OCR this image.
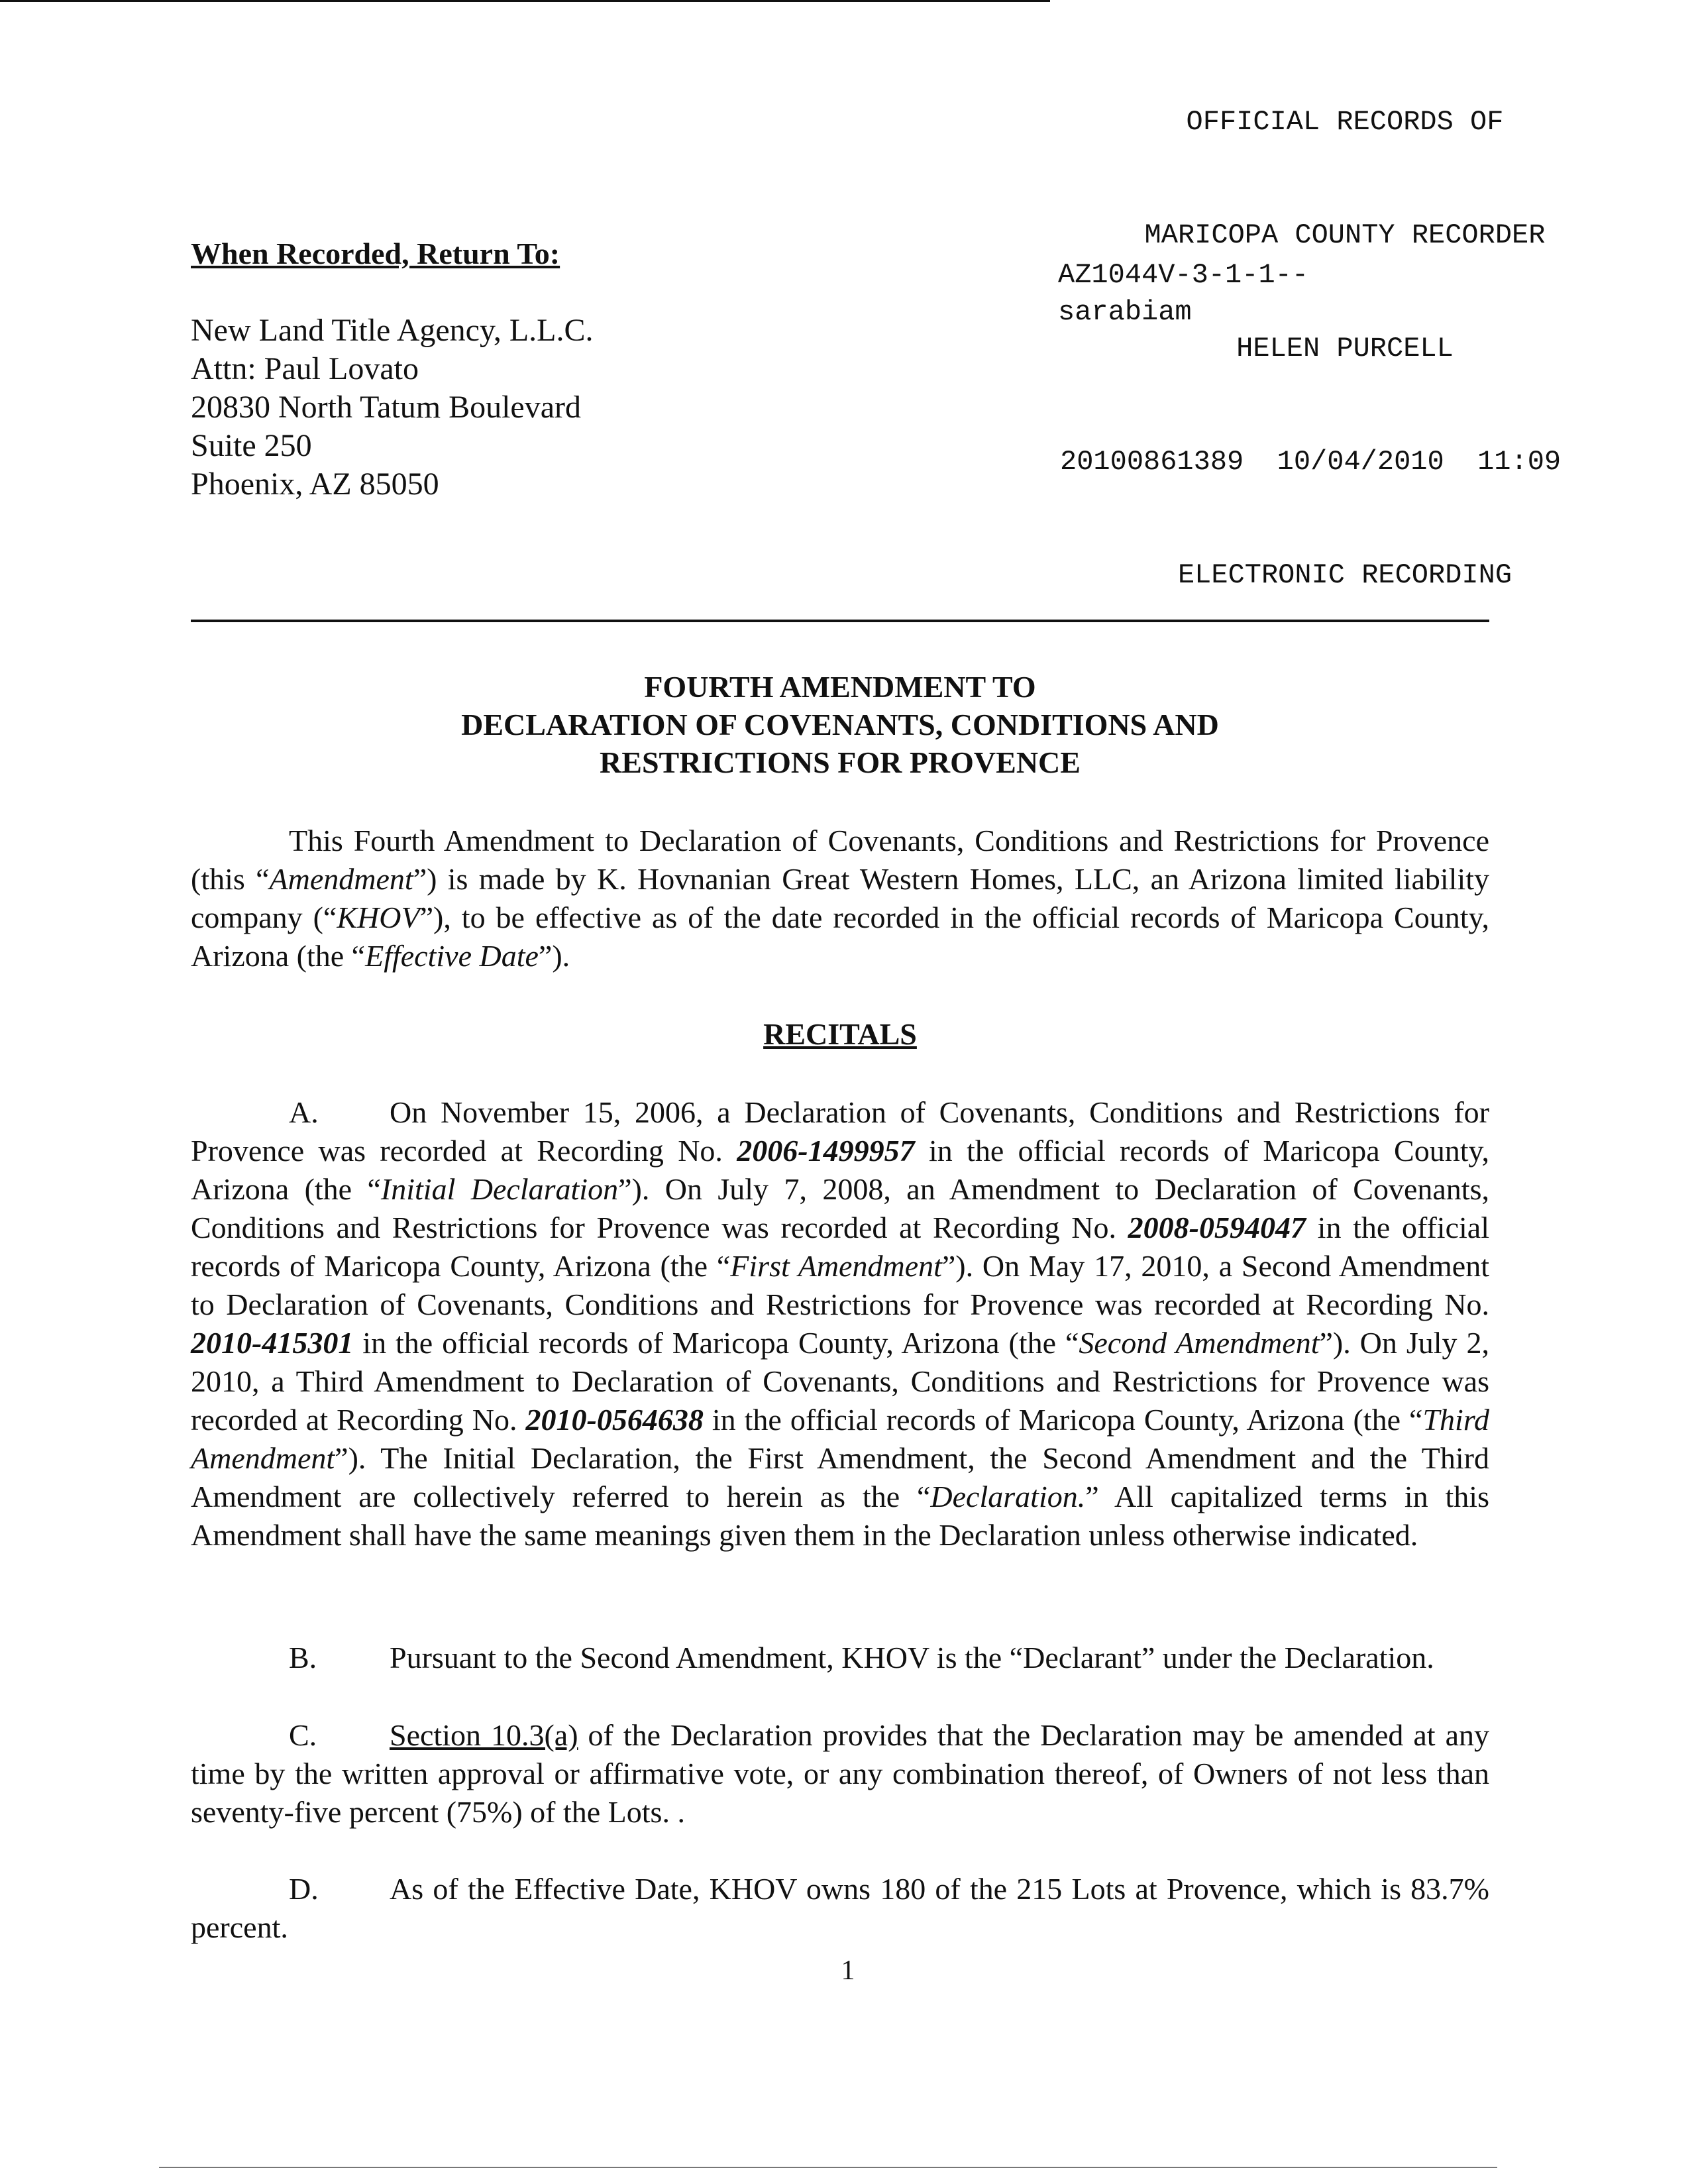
OFFICIAL RECORDS OF

MARICOPA COUNTY RECORDER

HELEN PURCELL

20100861389  10/04/2010  11:09

ELECTRONIC RECORDING

AZ1044V-3-1-1--
sarabiam
When Recorded, Return To:
New Land Title Agency, L.L.C.
Attn: Paul Lovato
20830 North Tatum Boulevard
Suite 250
Phoenix, AZ 85050
FOURTH AMENDMENT TO
DECLARATION OF COVENANTS, CONDITIONS AND
RESTRICTIONS FOR PROVENCE
This Fourth Amendment to Declaration of Covenants, Conditions and Restrictions for Provence (this “Amendment”) is made by K. Hovnanian Great Western Homes, LLC, an Arizona limited liability company (“KHOV”), to be effective as of the date recorded in the official records of Maricopa County, Arizona (the “Effective Date”).
RECITALS
A. On November 15, 2006, a Declaration of Covenants, Conditions and Restrictions for Provence was recorded at Recording No. 2006-1499957 in the official records of Maricopa County, Arizona (the “Initial Declaration”). On July 7, 2008, an Amendment to Declaration of Covenants, Conditions and Restrictions for Provence was recorded at Recording No. 2008-0594047 in the official records of Maricopa County, Arizona (the “First Amendment”). On May 17, 2010, a Second Amendment to Declaration of Covenants, Conditions and Restrictions for Provence was recorded at Recording No. 2010-415301 in the official records of Maricopa County, Arizona (the “Second Amendment”). On July 2, 2010, a Third Amendment to Declaration of Covenants, Conditions and Restrictions for Provence was recorded at Recording No. 2010-0564638 in the official records of Maricopa County, Arizona (the “Third Amendment”). The Initial Declaration, the First Amendment, the Second Amendment and the Third Amendment are collectively referred to herein as the “Declaration.” All capitalized terms in this Amendment shall have the same meanings given them in the Declaration unless otherwise indicated.
B. Pursuant to the Second Amendment, KHOV is the “Declarant” under the Declaration.
C. Section 10.3(a) of the Declaration provides that the Declaration may be amended at any time by the written approval or affirmative vote, or any combination thereof, of Owners of not less than seventy-five percent (75%) of the Lots. .
D. As of the Effective Date, KHOV owns 180 of the 215 Lots at Provence, which is 83.7% percent.
1
